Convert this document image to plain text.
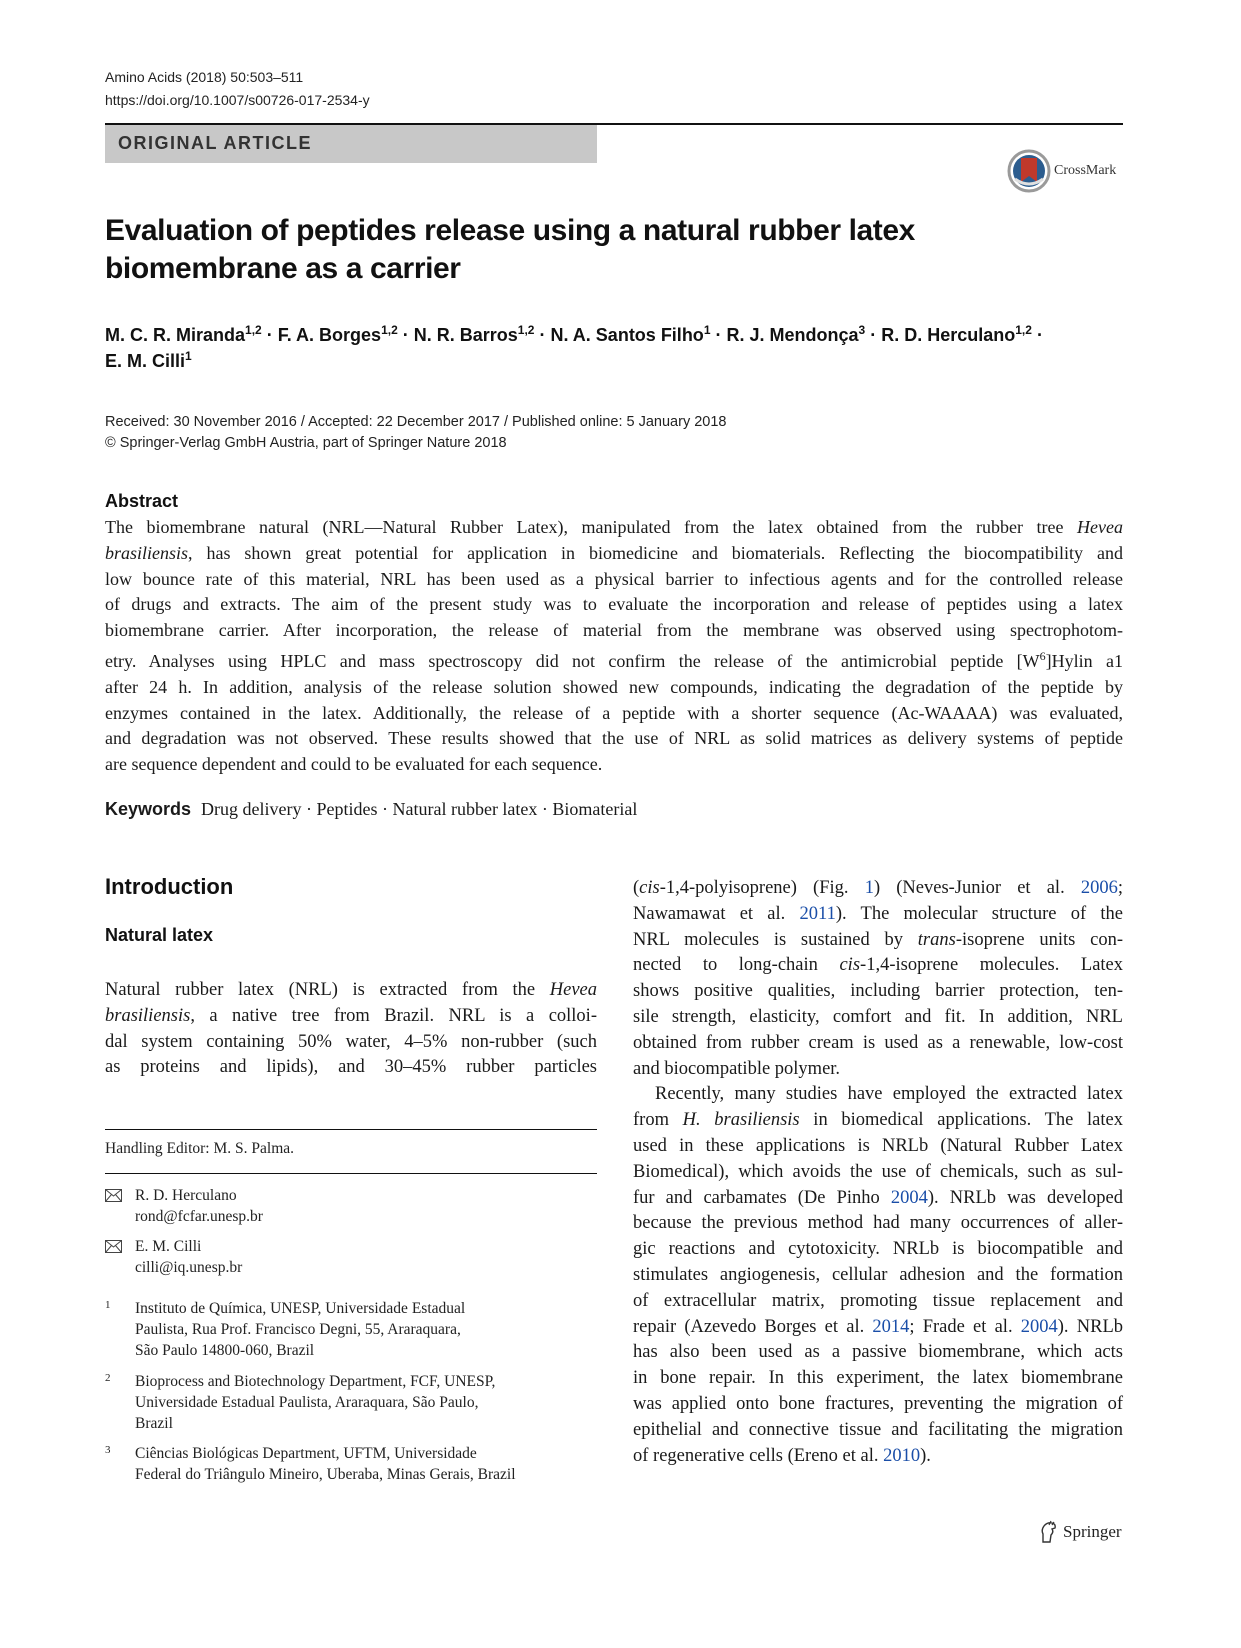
Amino Acids (2018) 50:503–511
https://doi.org/10.1007/s00726-017-2534-y
ORIGINAL ARTICLE
CrossMark
Evaluation of peptides release using a natural rubber latex
biomembrane as a carrier
M. C. R. Miranda$^{1,2}$ · F. A. Borges$^{1,2}$ · N. R. Barros$^{1,2}$ · N. A. Santos Filho$^1$ · R. J. Mendonça$^3$ · R. D. Herculano$^{1,2}$ ·
E. M. Cilli$^1$
Received: 30 November 2016 / Accepted: 22 December 2017 / Published online: 5 January 2018
© Springer-Verlag GmbH Austria, part of Springer Nature 2018
Abstract
The biomembrane natural (NRL—Natural Rubber Latex), manipulated from the latex obtained from the rubber tree Hevea
brasiliensis, has shown great potential for application in biomedicine and biomaterials. Reflecting the biocompatibility and
low bounce rate of this material, NRL has been used as a physical barrier to infectious agents and for the controlled release
of drugs and extracts. The aim of the present study was to evaluate the incorporation and release of peptides using a latex
biomembrane carrier. After incorporation, the release of material from the membrane was observed using spectrophotom-
etry. Analyses using HPLC and mass spectroscopy did not confirm the release of the antimicrobial peptide $[W^6]Hylin$ a1
after 24 h. In addition, analysis of the release solution showed new compounds, indicating the degradation of the peptide by
enzymes contained in the latex. Additionally, the release of a peptide with a shorter sequence (Ac-WAAAA) was evaluated,
and degradation was not observed. These results showed that the use of NRL as solid matrices as delivery systems of peptide
are sequence dependent and could to be evaluated for each sequence.
Keywords Drug delivery · Peptides · Natural rubber latex · Biomaterial
Introduction
Natural latex
Natural rubber latex (NRL) is extracted from the Hevea
brasiliensis, a native tree from Brazil. NRL is a colloi-
dal system containing 50% water, 4–5% non-rubber (such
as proteins and lipids), and 30–45% rubber particles
(cis-1,4-polyisoprene) (Fig. 1) (Neves-Junior et al. 2006;
Nawamawat et al. 2011). The molecular structure of the
NRL molecules is sustained by trans-isoprene units con-
nected to long-chain cis-1,4-isoprene molecules. Latex
shows positive qualities, including barrier protection, ten-
sile strength, elasticity, comfort and fit. In addition, NRL
obtained from rubber cream is used as a renewable, low-cost
and biocompatible polymer.
Recently, many studies have employed the extracted latex
from H. brasiliensis in biomedical applications. The latex
used in these applications is NRLb (Natural Rubber Latex
Biomedical), which avoids the use of chemicals, such as sul-
fur and carbamates (De Pinho 2004). NRLb was developed
because the previous method had many occurrences of aller-
gic reactions and cytotoxicity. NRLb is biocompatible and
stimulates angiogenesis, cellular adhesion and the formation
of extracellular matrix, promoting tissue replacement and
repair (Azevedo Borges et al. 2014; Frade et al. 2004). NRLb
has also been used as a passive biomembrane, which acts
in bone repair. In this experiment, the latex biomembrane
was applied onto bone fractures, preventing the migration of
epithelial and connective tissue and facilitating the migration
of regenerative cells (Ereno et al. 2010).
Handling Editor: M. S. Palma.
R. D. Herculano
rond@fcfar.unesp.br
E. M. Cilli
cilli@iq.unesp.br
1 Instituto de Química, UNESP, Universidade Estadual
Paulista, Rua Prof. Francisco Degni, 55, Araraquara,
São Paulo 14800-060, Brazil
2 Bioprocess and Biotechnology Department, FCF, UNESP,
Universidade Estadual Paulista, Araraquara, São Paulo,
Brazil
3 Ciências Biológicas Department, UFTM, Universidade
Federal do Triângulo Mineiro, Uberaba, Minas Gerais, Brazil
Springer
